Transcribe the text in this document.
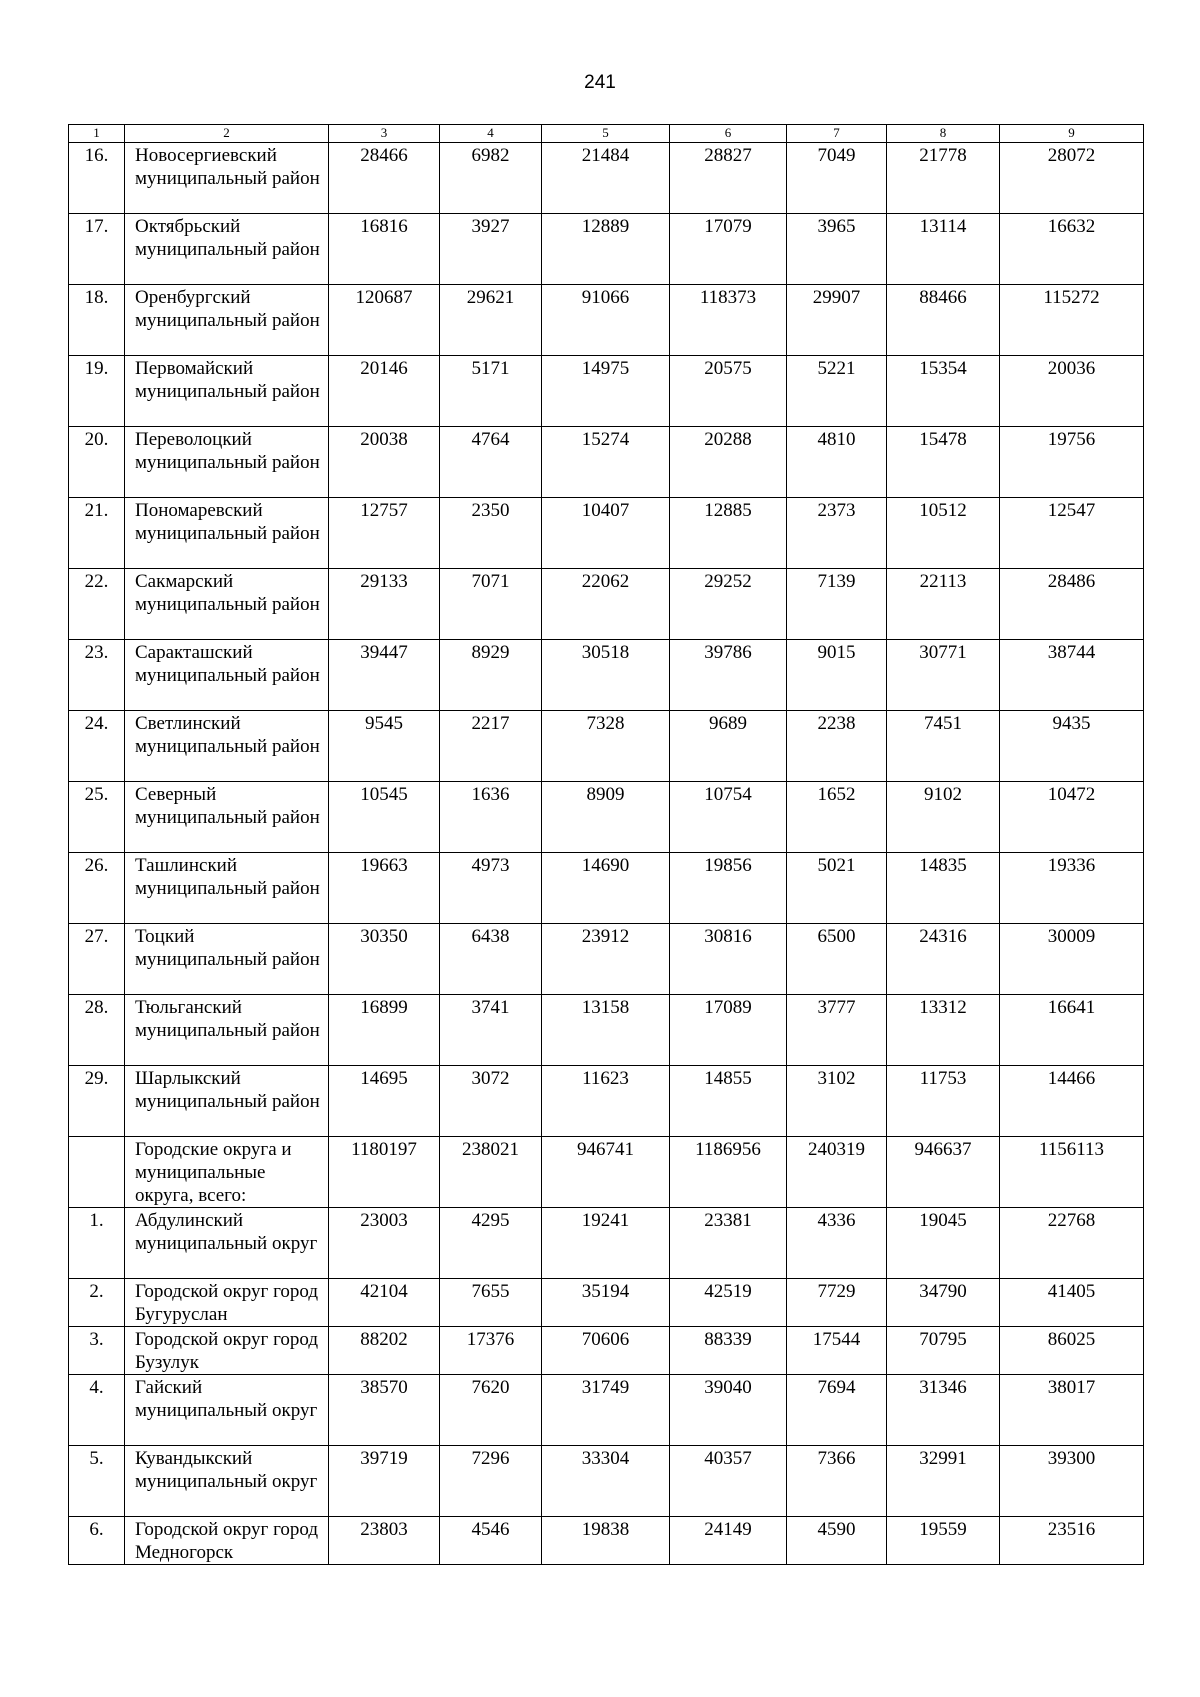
241
1	2	3	4	5	6	7	8	9
16.	Новосергиевский муниципальный район	28466	6982	21484	28827	7049	21778	28072
17.	Октябрьский муниципальный район	16816	3927	12889	17079	3965	13114	16632
18.	Оренбургский муниципальный район	120687	29621	91066	118373	29907	88466	115272
19.	Первомайский муниципальный район	20146	5171	14975	20575	5221	15354	20036
20.	Переволоцкий муниципальный район	20038	4764	15274	20288	4810	15478	19756
21.	Пономаревский муниципальный район	12757	2350	10407	12885	2373	10512	12547
22.	Сакмарский муниципальный район	29133	7071	22062	29252	7139	22113	28486
23.	Саракташский муниципальный район	39447	8929	30518	39786	9015	30771	38744
24.	Светлинский муниципальный район	9545	2217	7328	9689	2238	7451	9435
25.	Северный муниципальный район	10545	1636	8909	10754	1652	9102	10472
26.	Ташлинский муниципальный район	19663	4973	14690	19856	5021	14835	19336
27.	Тоцкий муниципальный район	30350	6438	23912	30816	6500	24316	30009
28.	Тюльганский муниципальный район	16899	3741	13158	17089	3777	13312	16641
29.	Шарлыкский муниципальный район	14695	3072	11623	14855	3102	11753	14466
	Городские округа и муниципальные округа, всего:	1180197	238021	946741	1186956	240319	946637	1156113
1.	Абдулинский муниципальный округ	23003	4295	19241	23381	4336	19045	22768
2.	Городской округ город Бугуруслан	42104	7655	35194	42519	7729	34790	41405
3.	Городской округ город Бузулук	88202	17376	70606	88339	17544	70795	86025
4.	Гайский муниципальный округ	38570	7620	31749	39040	7694	31346	38017
5.	Кувандыкский муниципальный округ	39719	7296	33304	40357	7366	32991	39300
6.	Городской округ город Медногорск	23803	4546	19838	24149	4590	19559	23516
